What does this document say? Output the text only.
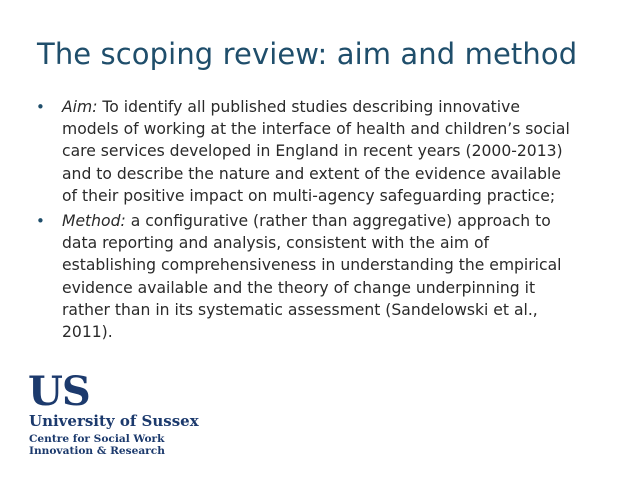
The scoping review: aim and method
•	Aim: To identify all published studies describing innovative
models of working at the interface of health and children’s social
care services developed in England in recent years (2000-2013)
and to describe the nature and extent of the evidence available
of their positive impact on multi-agency safeguarding practice;
•	Method: a configurative (rather than aggregative) approach to
data reporting and analysis, consistent with the aim of
establishing comprehensiveness in understanding the empirical
evidence available and the theory of change underpinning it
rather than in its systematic assessment (Sandelowski et al.,
2011).
US
University of Sussex
Centre for Social Work
Innovation & Research
